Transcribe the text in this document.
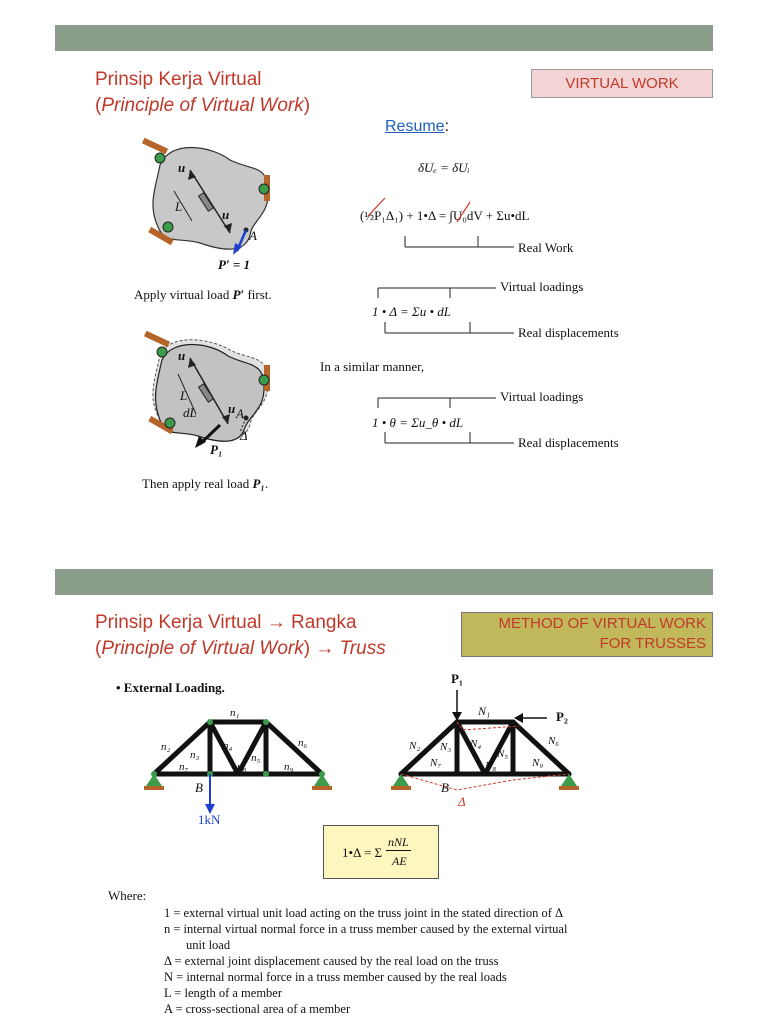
Prinsip Kerja Virtual
(Principle of Virtual Work)
VIRTUAL WORK
Resume:
δUₑ = δUᵢ
(½P₁Δ₁) + 1•Δ = ∫U₀dV + Σu•dL
Real Work
Virtual loadings
1 • Δ = Σu • dL
Real displacements
In a similar manner,
Virtual loadings
1 • θ = Σu_θ • dL
Real displacements
u
u
L
A
P′ = 1
Apply virtual load P′ first.
u
u
L
dL	A
Δ
P₁
Then apply real load P₁.
Prinsip Kerja Virtual → Rangka
(Principle of Virtual Work) → Truss
METHOD OF VIRTUAL WORK
FOR TRUSSES
• External Loading.
n₁
n₂
n₃
n₄
n₅
n₆
n₇	n₈	n₉
B
1kN
P₁
P₂
N₁
N₂ N₃ N₄
N₅
N₆
N₇	N₈	N₉
B
Δ
1•Δ = Σ
nNL
AE
Where:
1 = external virtual unit load acting on the truss joint in the stated direction of Δ
n = internal virtual normal force in a truss member caused by the external virtual
unit load
Δ = external joint displacement caused by the real load on the truss
N = internal normal force in a truss member caused by the real loads
L = length of a member
A = cross-sectional area of a member
